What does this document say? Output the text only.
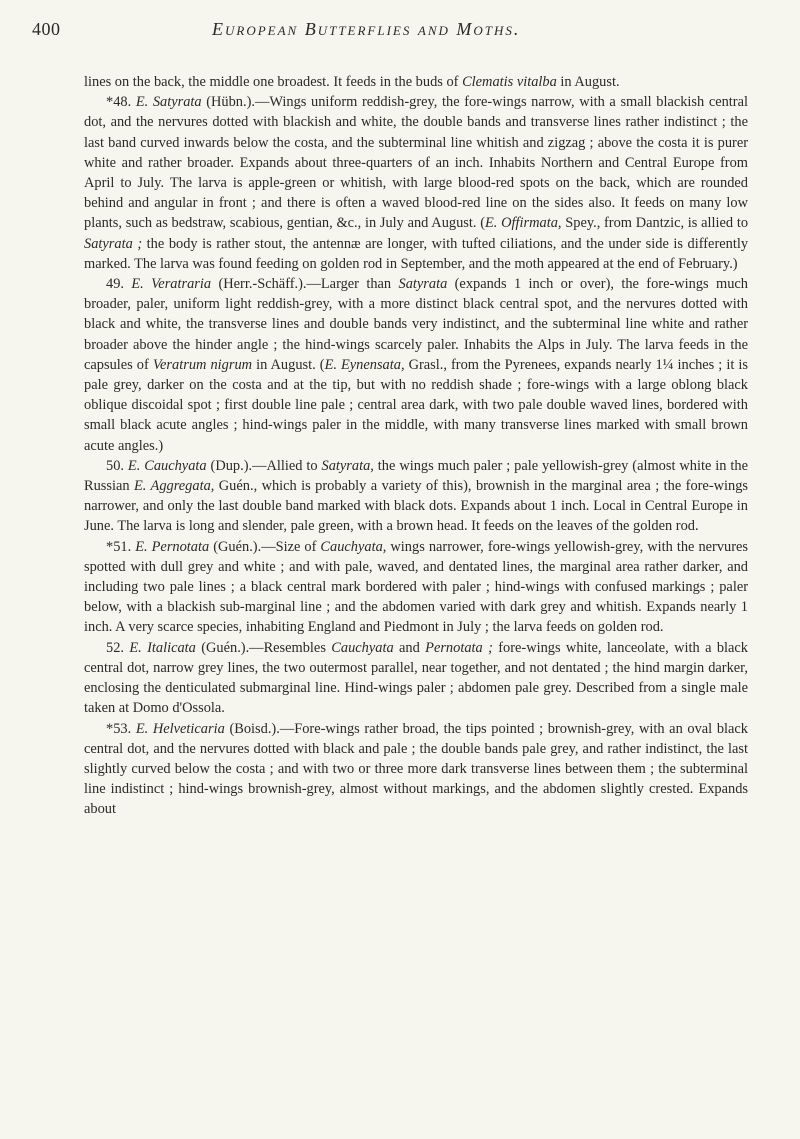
400	European Butterflies and Moths.

lines on the back, the middle one broadest. It feeds in the buds of Clematis vitalba in August.

*48. E. Satyrata (Hübn.).—Wings uniform reddish-grey, the fore-wings narrow, with a small blackish central dot, and the nervures dotted with blackish and white, the double bands and transverse lines rather indistinct ; the last band curved inwards below the costa, and the subterminal line whitish and zigzag ; above the costa it is purer white and rather broader. Expands about three-quarters of an inch. Inhabits Northern and Central Europe from April to July. The larva is apple-green or whitish, with large blood-red spots on the back, which are rounded behind and angular in front ; and there is often a waved blood-red line on the sides also. It feeds on many low plants, such as bedstraw, scabious, gentian, &c., in July and August. (E. Offirmata, Spey., from Dantzic, is allied to Satyrata ; the body is rather stout, the antennæ are longer, with tufted ciliations, and the under side is differently marked. The larva was found feeding on golden rod in September, and the moth appeared at the end of February.)

49. E. Veratraria (Herr.-Schäff.).—Larger than Satyrata (expands 1 inch or over), the fore-wings much broader, paler, uniform light reddish-grey, with a more distinct black central spot, and the nervures dotted with black and white, the transverse lines and double bands very indistinct, and the subterminal line white and rather broader above the hinder angle ; the hind-wings scarcely paler. Inhabits the Alps in July. The larva feeds in the capsules of Veratrum nigrum in August. (E. Eynensata, Grasl., from the Pyrenees, expands nearly 1¼ inches ; it is pale grey, darker on the costa and at the tip, but with no reddish shade ; fore-wings with a large oblong black oblique discoidal spot ; first double line pale ; central area dark, with two pale double waved lines, bordered with small black acute angles ; hind-wings paler in the middle, with many transverse lines marked with small brown acute angles.)

50. E. Cauchyata (Dup.).—Allied to Satyrata, the wings much paler ; pale yellowish-grey (almost white in the Russian E. Aggregata, Guén., which is probably a variety of this), brownish in the marginal area ; the fore-wings narrower, and only the last double band marked with black dots. Expands about 1 inch. Local in Central Europe in June. The larva is long and slender, pale green, with a brown head. It feeds on the leaves of the golden rod.

*51. E. Pernotata (Guén.).—Size of Cauchyata, wings narrower, fore-wings yellowish-grey, with the nervures spotted with dull grey and white ; and with pale, waved, and dentated lines, the marginal area rather darker, and including two pale lines ; a black central mark bordered with paler ; hind-wings with confused markings ; paler below, with a blackish sub-marginal line ; and the abdomen varied with dark grey and whitish. Expands nearly 1 inch. A very scarce species, inhabiting England and Piedmont in July ; the larva feeds on golden rod.

52. E. Italicata (Guén.).—Resembles Cauchyata and Pernotata ; fore-wings white, lanceolate, with a black central dot, narrow grey lines, the two outermost parallel, near together, and not dentated ; the hind margin darker, enclosing the denticulated submarginal line. Hind-wings paler ; abdomen pale grey. Described from a single male taken at Domo d'Ossola.

*53. E. Helveticaria (Boisd.).—Fore-wings rather broad, the tips pointed ; brownish-grey, with an oval black central dot, and the nervures dotted with black and pale ; the double bands pale grey, and rather indistinct, the last slightly curved below the costa ; and with two or three more dark transverse lines between them ; the subterminal line indistinct ; hind-wings brownish-grey, almost without markings, and the abdomen slightly crested. Expands about
